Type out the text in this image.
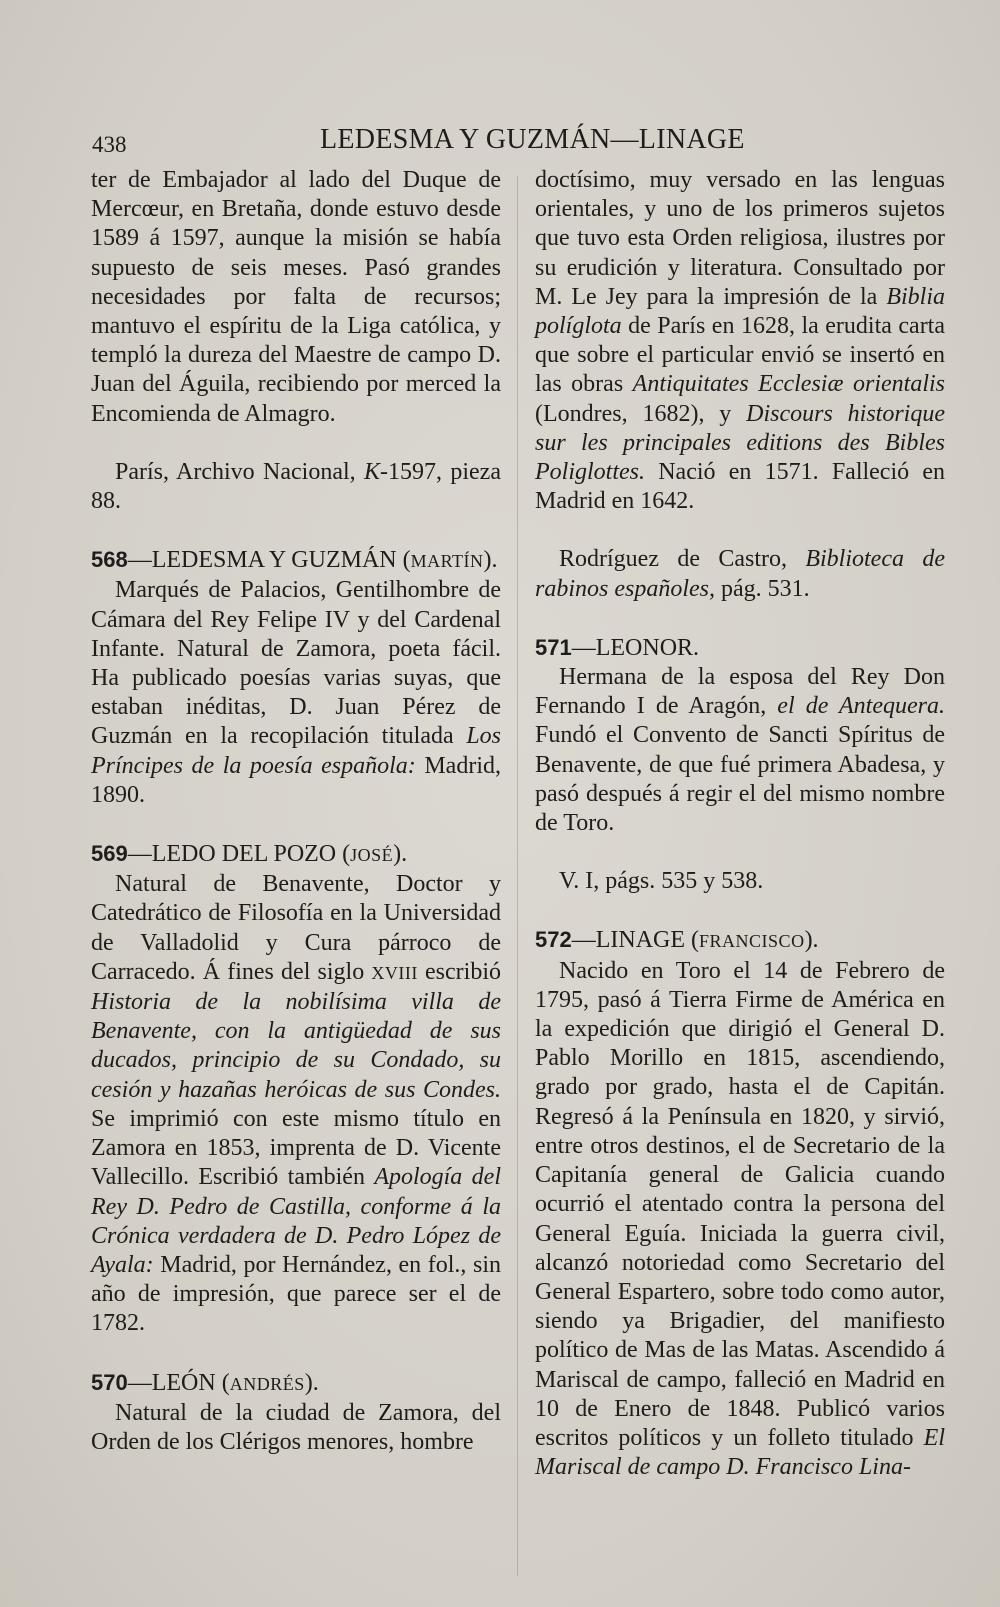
438	LEDESMA Y GUZMÁN—LINAGE

ter de Embajador al lado del Duque de Mercœur, en Bretaña, donde estuvo desde 1589 á 1597, aunque la misión se había supuesto de seis meses. Pasó grandes necesidades por falta de recursos; mantuvo el espíritu de la Liga católica, y templó la dureza del Maestre de campo D. Juan del Águila, recibiendo por merced la Encomienda de Almagro.

París, Archivo Nacional, K-1597, pieza 88.

568—LEDESMA Y GUZMÁN (MARTÍN).

Marqués de Palacios, Gentilhombre de Cámara del Rey Felipe IV y del Cardenal Infante. Natural de Zamora, poeta fácil. Ha publicado poesías varias suyas, que estaban inéditas, D. Juan Pérez de Guzmán en la recopilación titulada Los Príncipes de la poesía española: Madrid, 1890.

569—LEDO DEL POZO (JOSÉ).

Natural de Benavente, Doctor y Catedrático de Filosofía en la Universidad de Valladolid y Cura párroco de Carracedo. Á fines del siglo XVIII escribió Historia de la nobilísima villa de Benavente, con la antigüedad de sus ducados, principio de su Condado, su cesión y hazañas heróicas de sus Condes. Se imprimió con este mismo título en Zamora en 1853, imprenta de D. Vicente Vallecillo. Escribió también Apología del Rey D. Pedro de Castilla, conforme á la Crónica verdadera de D. Pedro López de Ayala: Madrid, por Hernández, en fol., sin año de impresión, que parece ser el de 1782.

570—LEÓN (ANDRÉS).

Natural de la ciudad de Zamora, del Orden de los Clérigos menores, hombre

doctísimo, muy versado en las lenguas orientales, y uno de los primeros sujetos que tuvo esta Orden religiosa, ilustres por su erudición y literatura. Consultado por M. Le Jey para la impresión de la Biblia políglota de París en 1628, la erudita carta que sobre el particular envió se insertó en las obras Antiquitates Ecclesiæ orientalis (Londres, 1682), y Discours historique sur les principales editions des Bibles Poliglottes. Nació en 1571. Falleció en Madrid en 1642.

Rodríguez de Castro, Biblioteca de rabinos españoles, pág. 531.

571—LEONOR.

Hermana de la esposa del Rey Don Fernando I de Aragón, el de Antequera. Fundó el Convento de Sancti Spíritus de Benavente, de que fué primera Abadesa, y pasó después á regir el del mismo nombre de Toro.

V. I, págs. 535 y 538.

572—LINAGE (FRANCISCO).

Nacido en Toro el 14 de Febrero de 1795, pasó á Tierra Firme de América en la expedición que dirigió el General D. Pablo Morillo en 1815, ascendiendo, grado por grado, hasta el de Capitán. Regresó á la Península en 1820, y sirvió, entre otros destinos, el de Secretario de la Capitanía general de Galicia cuando ocurrió el atentado contra la persona del General Eguía. Iniciada la guerra civil, alcanzó notoriedad como Secretario del General Espartero, sobre todo como autor, siendo ya Brigadier, del manifiesto político de Mas de las Matas. Ascendido á Mariscal de campo, falleció en Madrid en 10 de Enero de 1848. Publicó varios escritos políticos y un folleto titulado El Mariscal de campo D. Francisco Lina-
